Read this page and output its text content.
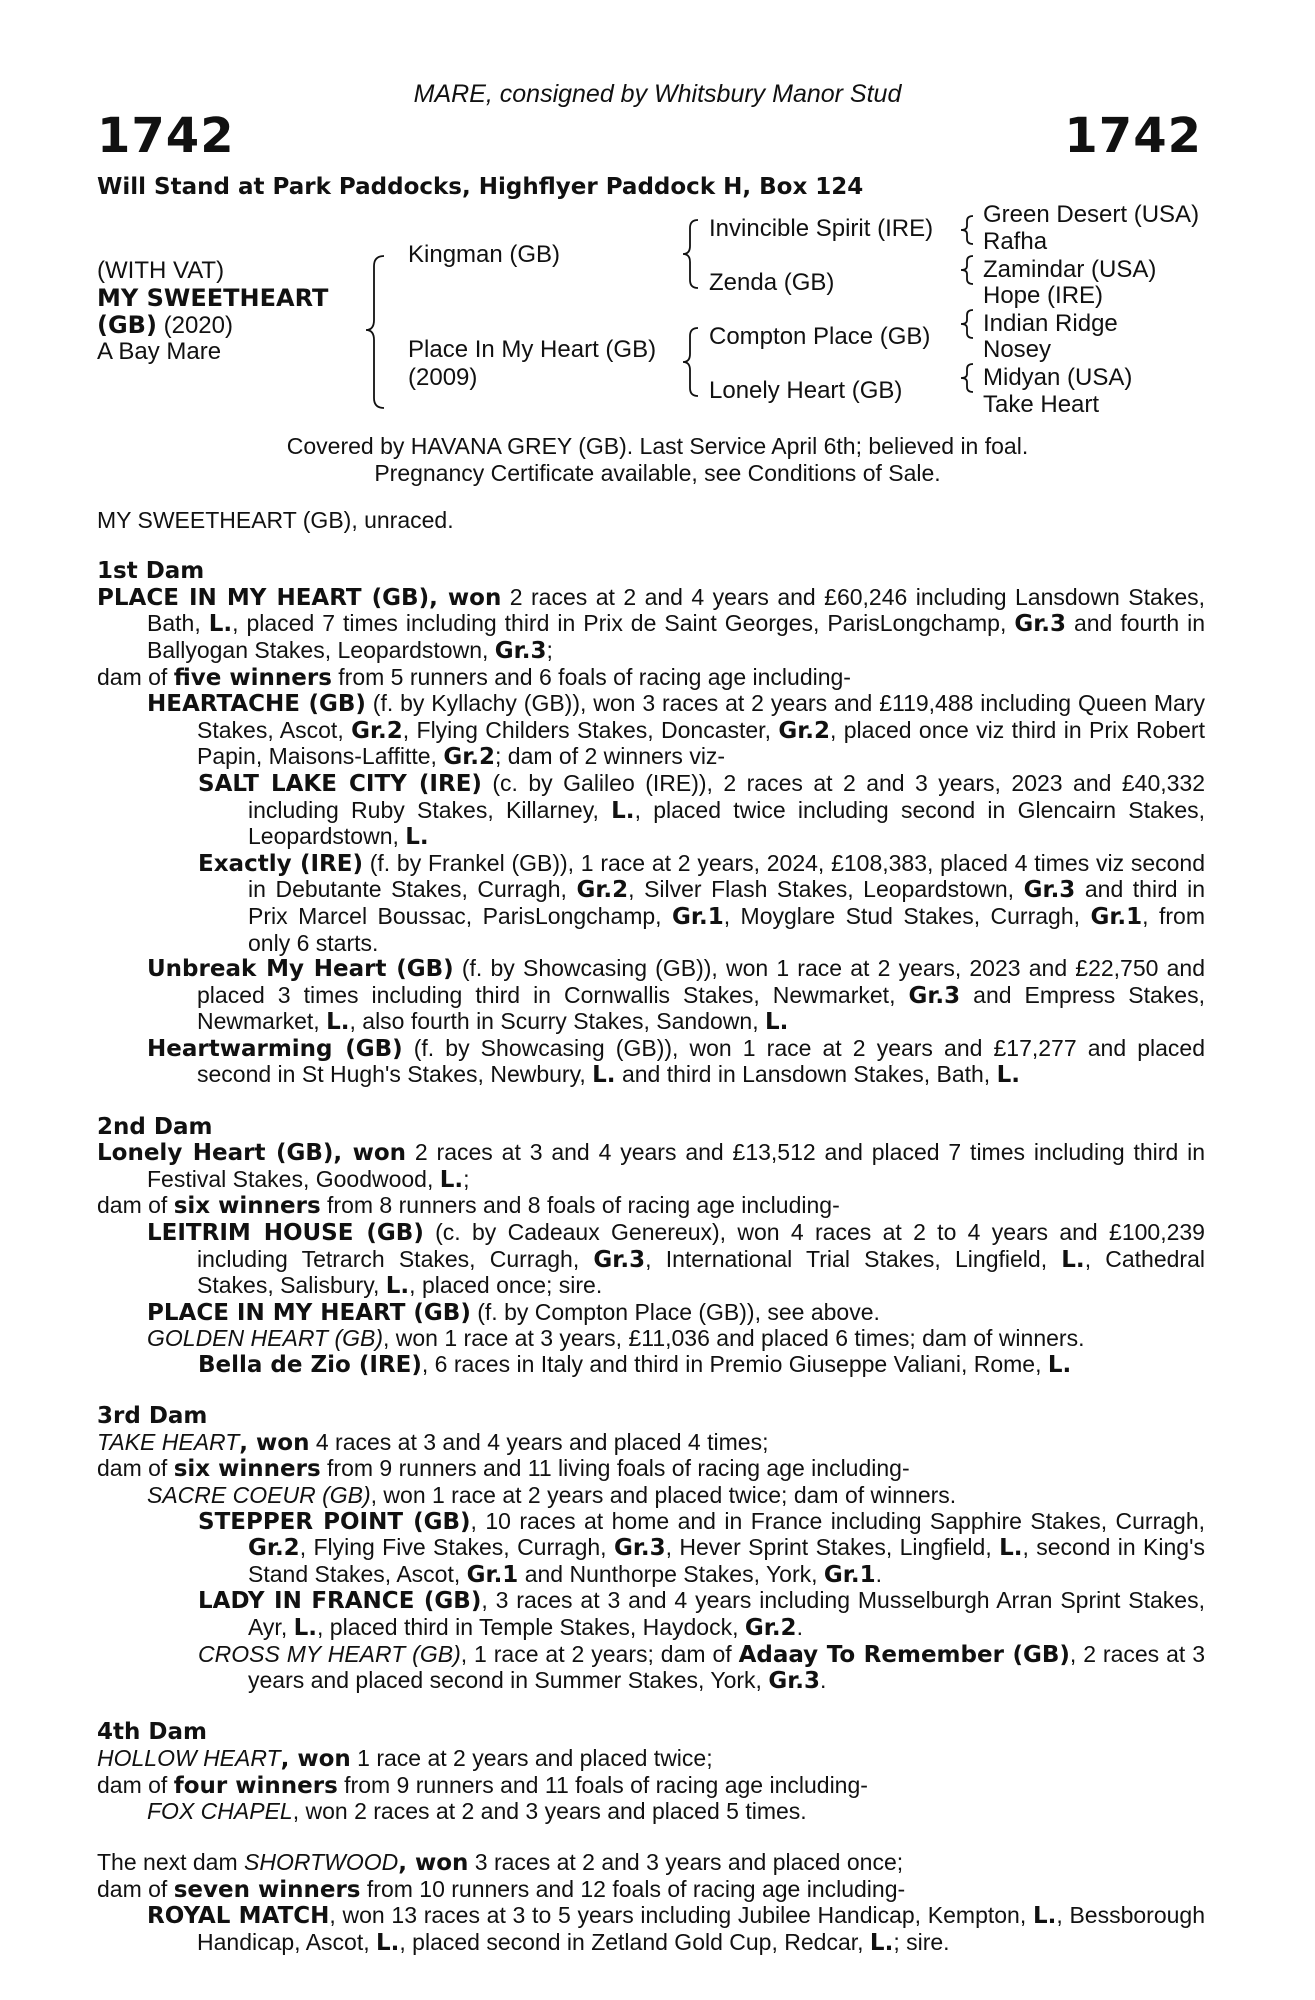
MARE, consigned by Whitsbury Manor Stud
1742	1742
Will Stand at Park Paddocks, Highflyer Paddock H, Box 124
(WITH VAT)
MY SWEETHEART
(GB) (2020)
A Bay Mare
Kingman (GB)
Place In My Heart (GB)
(2009)
Invincible Spirit (IRE)
Zenda (GB)
Compton Place (GB)
Lonely Heart (GB)
Green Desert (USA)
Rafha
Zamindar (USA)
Hope (IRE)
Indian Ridge
Nosey
Midyan (USA)
Take Heart
Covered by HAVANA GREY (GB). Last Service April 6th; believed in foal.
Pregnancy Certificate available, see Conditions of Sale.

MY SWEETHEART (GB), unraced.

1st Dam

PLACE IN MY HEART (GB), won 2 races at 2 and 4 years and £60,246 including Lansdown Stakes, Bath, L., placed 7 times including third in Prix de Saint Georges, ParisLongchamp, Gr.3 and fourth in Ballyogan Stakes, Leopardstown, Gr.3;

dam of five winners from 5 runners and 6 foals of racing age including-

HEARTACHE (GB) (f. by Kyllachy (GB)), won 3 races at 2 years and £119,488 including Queen Mary Stakes, Ascot, Gr.2, Flying Childers Stakes, Doncaster, Gr.2, placed once viz third in Prix Robert Papin, Maisons-Laffitte, Gr.2; dam of 2 winners viz-

SALT LAKE CITY (IRE) (c. by Galileo (IRE)), 2 races at 2 and 3 years, 2023 and £40,332 including Ruby Stakes, Killarney, L., placed twice including second in Glencairn Stakes, Leopardstown, L.

Exactly (IRE) (f. by Frankel (GB)), 1 race at 2 years, 2024, £108,383, placed 4 times viz second in Debutante Stakes, Curragh, Gr.2, Silver Flash Stakes, Leopardstown, Gr.3 and third in Prix Marcel Boussac, ParisLongchamp, Gr.1, Moyglare Stud Stakes, Curragh, Gr.1, from only 6 starts.

Unbreak My Heart (GB) (f. by Showcasing (GB)), won 1 race at 2 years, 2023 and £22,750 and placed 3 times including third in Cornwallis Stakes, Newmarket, Gr.3 and Empress Stakes, Newmarket, L., also fourth in Scurry Stakes, Sandown, L.

Heartwarming (GB) (f. by Showcasing (GB)), won 1 race at 2 years and £17,277 and placed second in St Hugh's Stakes, Newbury, L. and third in Lansdown Stakes, Bath, L.

2nd Dam

Lonely Heart (GB), won 2 races at 3 and 4 years and £13,512 and placed 7 times including third in Festival Stakes, Goodwood, L.;

dam of six winners from 8 runners and 8 foals of racing age including-

LEITRIM HOUSE (GB) (c. by Cadeaux Genereux), won 4 races at 2 to 4 years and £100,239 including Tetrarch Stakes, Curragh, Gr.3, International Trial Stakes, Lingfield, L., Cathedral Stakes, Salisbury, L., placed once; sire.

PLACE IN MY HEART (GB) (f. by Compton Place (GB)), see above.

GOLDEN HEART (GB), won 1 race at 3 years, £11,036 and placed 6 times; dam of winners.

Bella de Zio (IRE), 6 races in Italy and third in Premio Giuseppe Valiani, Rome, L.

3rd Dam

TAKE HEART, won 4 races at 3 and 4 years and placed 4 times;

dam of six winners from 9 runners and 11 living foals of racing age including-

SACRE COEUR (GB), won 1 race at 2 years and placed twice; dam of winners.

STEPPER POINT (GB), 10 races at home and in France including Sapphire Stakes, Curragh, Gr.2, Flying Five Stakes, Curragh, Gr.3, Hever Sprint Stakes, Lingfield, L., second in King's Stand Stakes, Ascot, Gr.1 and Nunthorpe Stakes, York, Gr.1.

LADY IN FRANCE (GB), 3 races at 3 and 4 years including Musselburgh Arran Sprint Stakes, Ayr, L., placed third in Temple Stakes, Haydock, Gr.2.

CROSS MY HEART (GB), 1 race at 2 years; dam of Adaay To Remember (GB), 2 races at 3 years and placed second in Summer Stakes, York, Gr.3.

4th Dam

HOLLOW HEART, won 1 race at 2 years and placed twice;

dam of four winners from 9 runners and 11 foals of racing age including-

FOX CHAPEL, won 2 races at 2 and 3 years and placed 5 times.

The next dam SHORTWOOD, won 3 races at 2 and 3 years and placed once;

dam of seven winners from 10 runners and 12 foals of racing age including-

ROYAL MATCH, won 13 races at 3 to 5 years including Jubilee Handicap, Kempton, L., Bessborough Handicap, Ascot, L., placed second in Zetland Gold Cup, Redcar, L.; sire.
